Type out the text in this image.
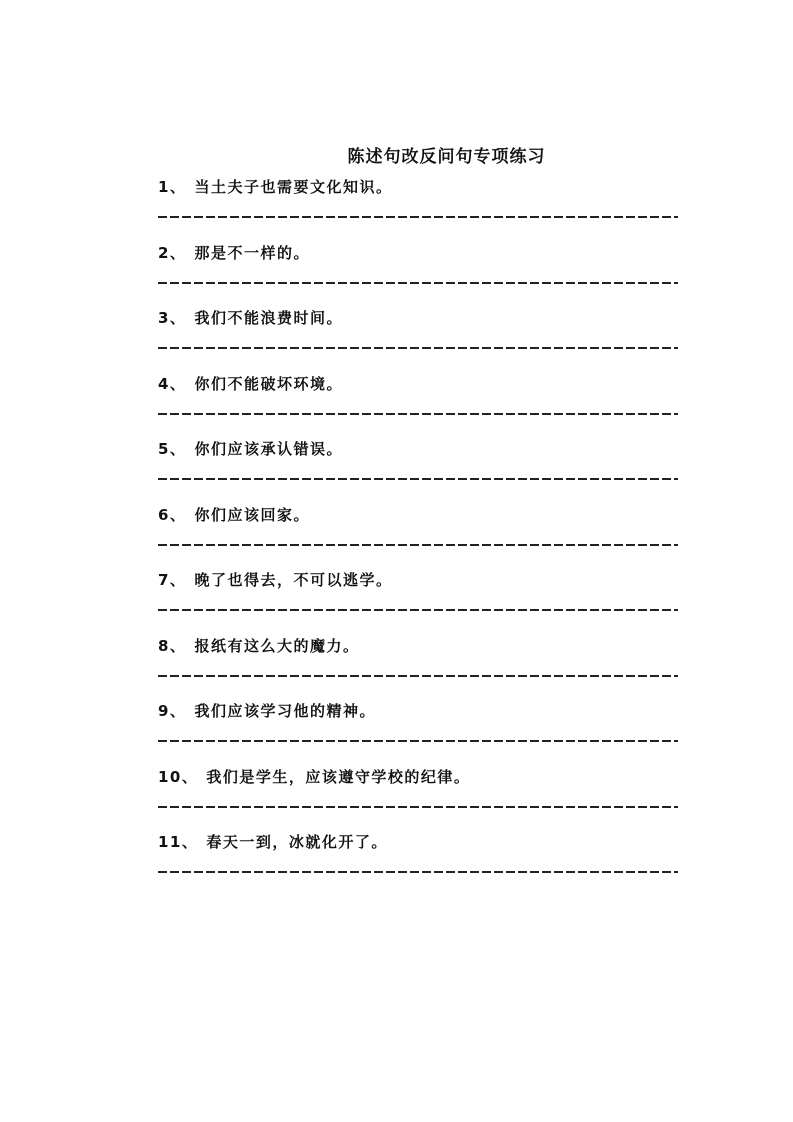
陈述句改反问句专项练习
1、 当土夫子也需要文化知识。
2、 那是不一样的。
3、 我们不能浪费时间。
4、 你们不能破坏环境。
5、 你们应该承认错误。
6、 你们应该回家。
7、 晚了也得去，不可以逃学。
8、 报纸有这么大的魔力。
9、 我们应该学习他的精神。
10、 我们是学生，应该遵守学校的纪律。
11、 春天一到，冰就化开了。
